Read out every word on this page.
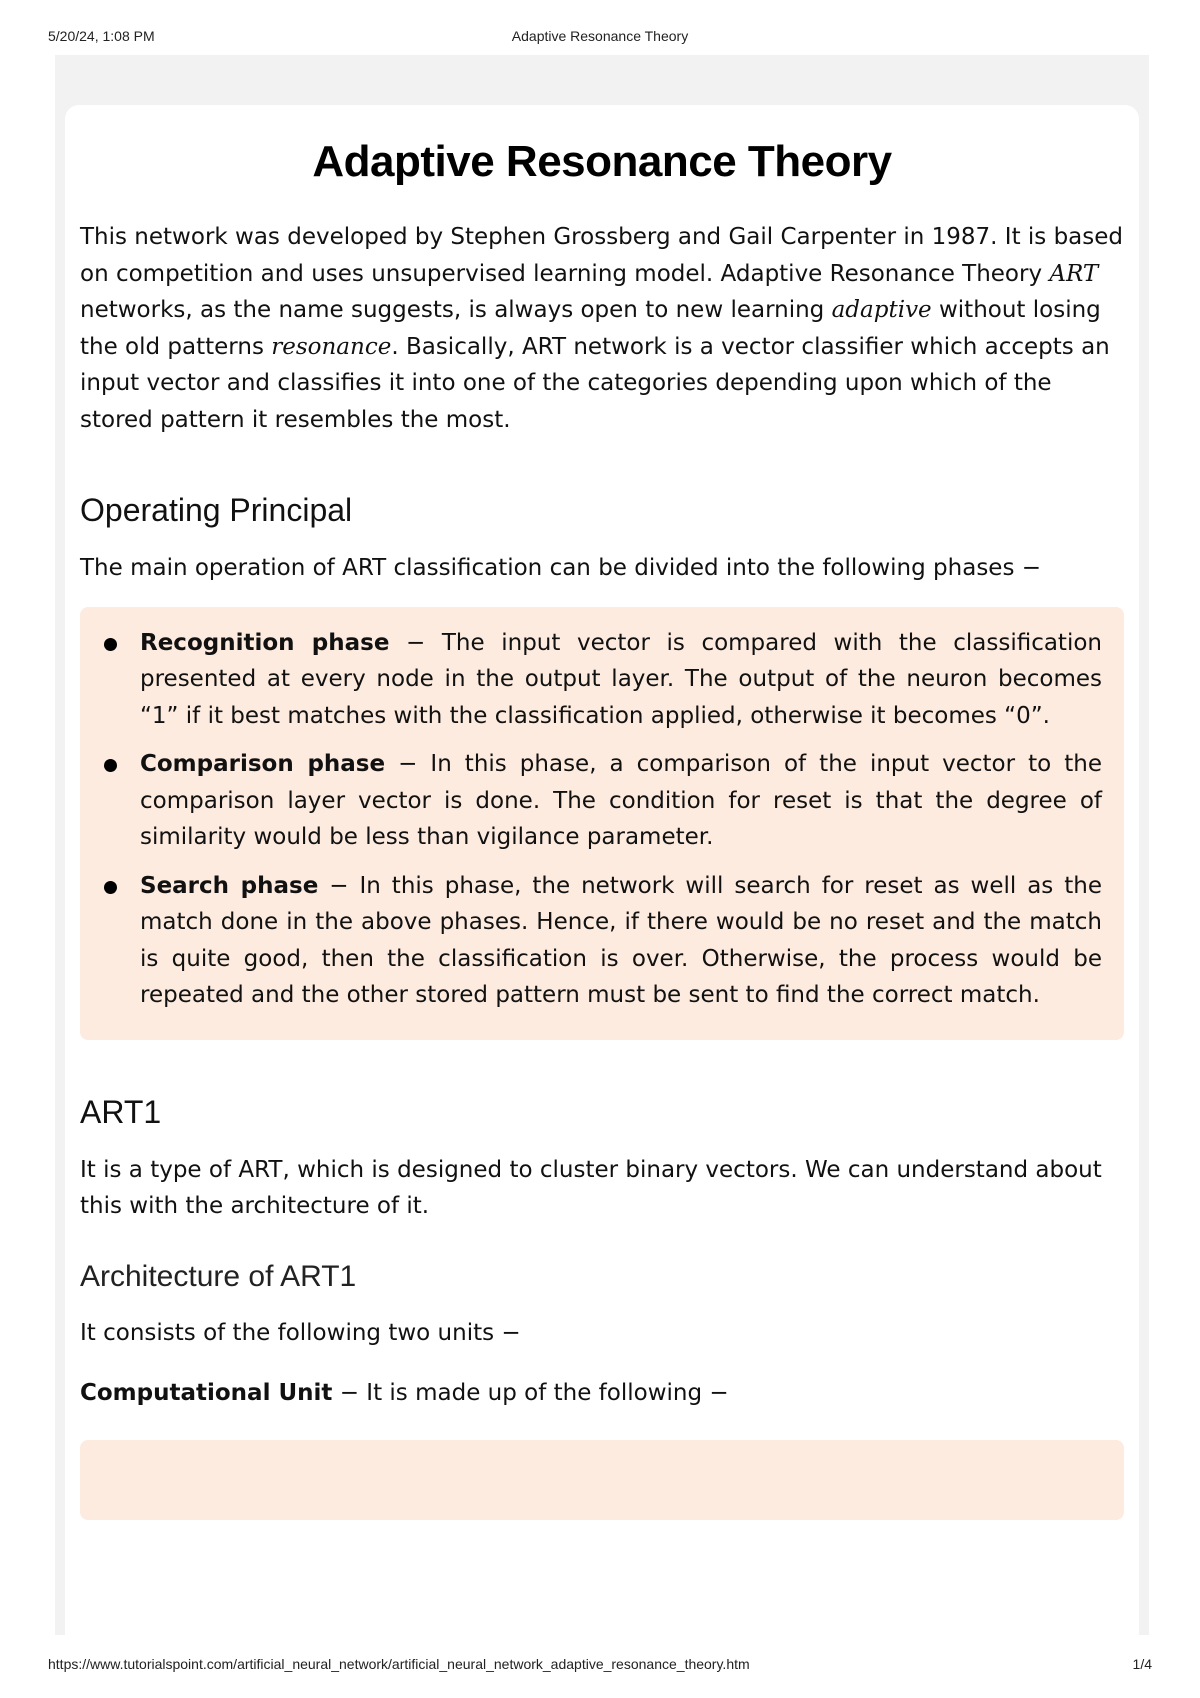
5/20/24, 1:08 PM	Adaptive Resonance Theory
Adaptive Resonance Theory

This network was developed by Stephen Grossberg and Gail Carpenter in 1987. It is based on competition and uses unsupervised learning model. Adaptive Resonance Theory ART networks, as the name suggests, is always open to new learning adaptive without losing the old patterns resonance. Basically, ART network is a vector classifier which accepts an input vector and classifies it into one of the categories depending upon which of the stored pattern it resembles the most.

Operating Principal

The main operation of ART classification can be divided into the following phases −

Recognition phase − The input vector is compared with the classification presented at every node in the output layer. The output of the neuron becomes “1” if it best matches with the classification applied, otherwise it becomes “0”.
Comparison phase − In this phase, a comparison of the input vector to the comparison layer vector is done. The condition for reset is that the degree of similarity would be less than vigilance parameter.
Search phase − In this phase, the network will search for reset as well as the match done in the above phases. Hence, if there would be no reset and the match is quite good, then the classification is over. Otherwise, the process would be repeated and the other stored pattern must be sent to find the correct match.
ART1

It is a type of ART, which is designed to cluster binary vectors. We can understand about this with the architecture of it.

Architecture of ART1

It consists of the following two units −

Computational Unit − It is made up of the following −

https://www.tutorialspoint.com/artificial_neural_network/artificial_neural_network_adaptive_resonance_theory.htm	1/4
